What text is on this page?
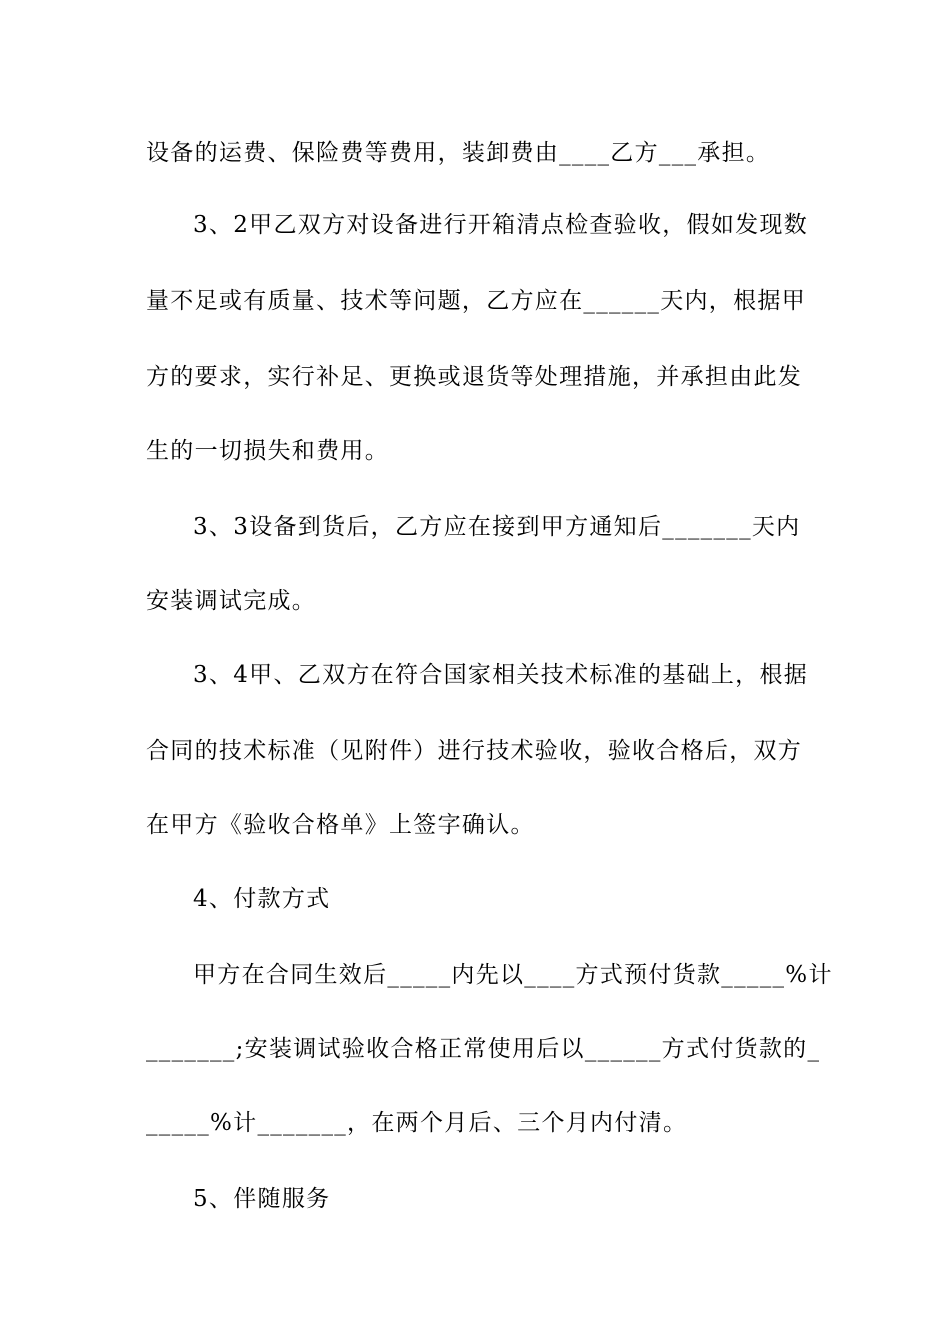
设备的运费、保险费等费用，装卸费由____乙方___承担。
3、2甲乙双方对设备进行开箱清点检查验收，假如发现数
量不足或有质量、技术等问题，乙方应在______天内，根据甲
方的要求，实行补足、更换或退货等处理措施，并承担由此发
生的一切损失和费用。
3、3设备到货后，乙方应在接到甲方通知后_______天内
安装调试完成。
3、4甲、乙双方在符合国家相关技术标准的基础上，根据
合同的技术标准（见附件）进行技术验收，验收合格后，双方
在甲方《验收合格单》上签字确认。
4、付款方式
甲方在合同生效后_____内先以____方式预付货款_____%计
_______;安装调试验收合格正常使用后以______方式付货款的_
_____%计_______，在两个月后、三个月内付清。
5、伴随服务
